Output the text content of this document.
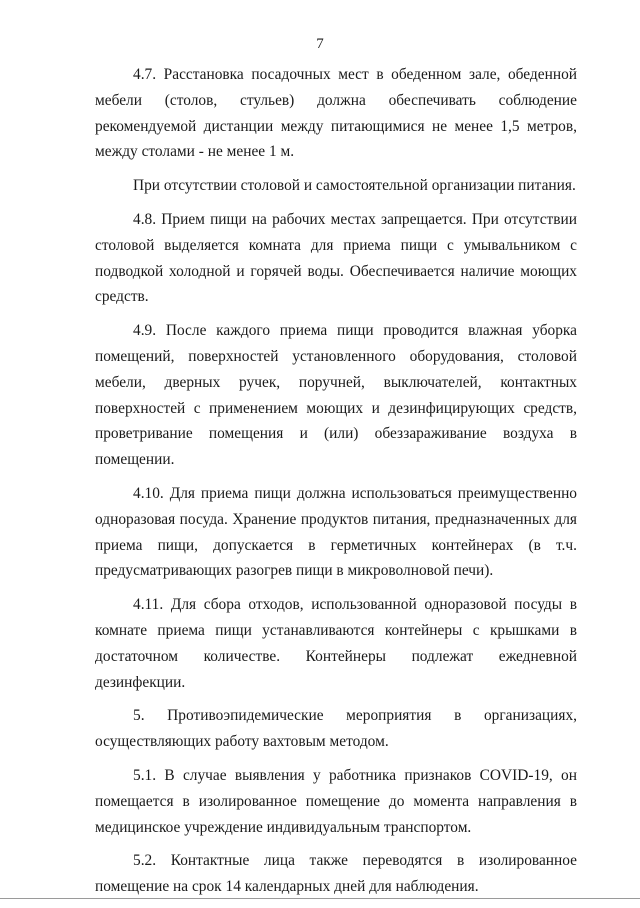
7

4.7. Расстановка посадочных мест в обеденном зале, обеденной мебели (столов, стульев) должна обеспечивать соблюдение рекомендуемой дистанции между питающимися не менее 1,5 метров, между столами - не менее 1 м.

При отсутствии столовой и самостоятельной организации питания.

4.8. Прием пищи на рабочих местах запрещается. При отсутствии столовой выделяется комната для приема пищи с умывальником с подводкой холодной и горячей воды. Обеспечивается наличие моющих средств.

4.9. После каждого приема пищи проводится влажная уборка помещений, поверхностей установленного оборудования, столовой мебели, дверных ручек, поручней, выключателей, контактных поверхностей с применением моющих и дезинфицирующих средств, проветривание помещения и (или) обеззараживание воздуха в помещении.

4.10. Для приема пищи должна использоваться преимущественно одноразовая посуда. Хранение продуктов питания, предназначенных для приема пищи, допускается в герметичных контейнерах (в т.ч. предусматривающих разогрев пищи в микроволновой печи).

4.11. Для сбора отходов, использованной одноразовой посуды в комнате приема пищи устанавливаются контейнеры с крышками в достаточном количестве. Контейнеры подлежат ежедневной дезинфекции.

5. Противоэпидемические мероприятия в организациях, осуществляющих работу вахтовым методом.

5.1. В случае выявления у работника признаков COVID-19, он помещается в изолированное помещение до момента направления в медицинское учреждение индивидуальным транспортом.

5.2. Контактные лица также переводятся в изолированное помещение на срок 14 календарных дней для наблюдения.
